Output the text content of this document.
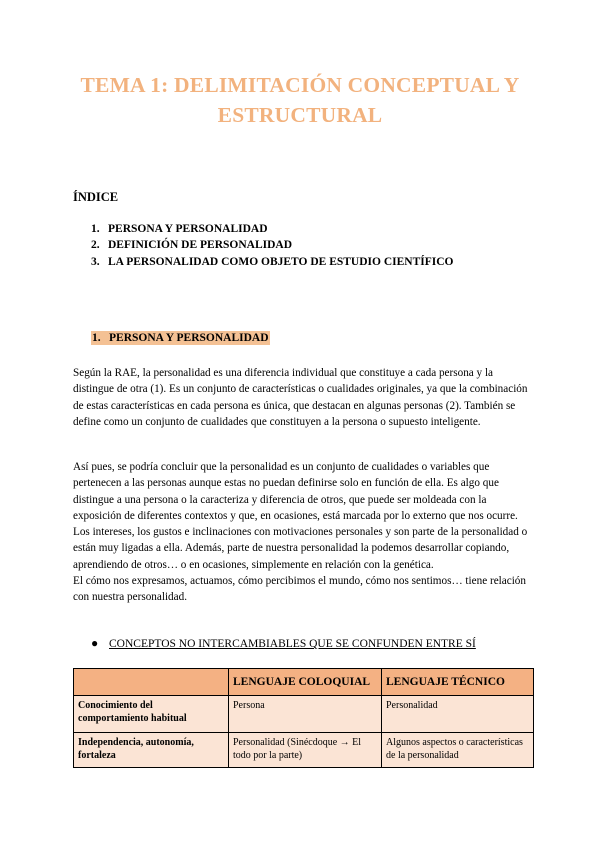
TEMA 1: DELIMITACIÓN CONCEPTUAL Y ESTRUCTURAL
ÍNDICE
1. PERSONA Y PERSONALIDAD
2. DEFINICIÓN DE PERSONALIDAD
3. LA PERSONALIDAD COMO OBJETO DE ESTUDIO CIENTÍFICO
1. PERSONA Y PERSONALIDAD

Según la RAE, la personalidad es una diferencia individual que constituye a cada persona y la distingue de otra (1). Es un conjunto de características o cualidades originales, ya que la combinación de estas características en cada persona es única, que destacan en algunas personas (2). También se define como un conjunto de cualidades que constituyen a la persona o supuesto inteligente.

Así pues, se podría concluir que la personalidad es un conjunto de cualidades o variables que pertenecen a las personas aunque estas no puedan definirse solo en función de ella. Es algo que distingue a una persona o la caracteriza y diferencia de otros, que puede ser moldeada con la exposición de diferentes contextos y que, en ocasiones, está marcada por lo externo que nos ocurre. Los intereses, los gustos e inclinaciones con motivaciones personales y son parte de la personalidad o están muy ligadas a ella. Además, parte de nuestra personalidad la podemos desarrollar copiando, aprendiendo de otros… o en ocasiones, simplemente en relación con la genética.

El cómo nos expresamos, actuamos, cómo percibimos el mundo, cómo nos sentimos… tiene relación con nuestra personalidad.

● CONCEPTOS NO INTERCAMBIABLES QUE SE CONFUNDEN ENTRE SÍ
	LENGUAJE COLOQUIAL	LENGUAJE TÉCNICO
Conocimiento del comportamiento habitual	Persona	Personalidad
Independencia, autonomía, fortaleza	Personalidad (Sinécdoque → El todo por la parte)	Algunos aspectos o características de la personalidad
